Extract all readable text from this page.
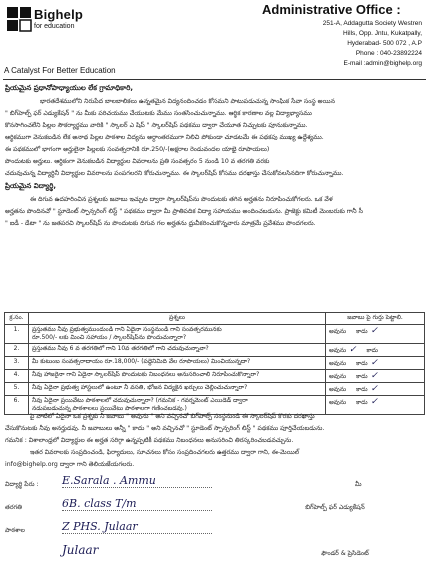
Bighelp
for education
A Catalyst For Better Education
Administrative Office :
251-A, Addagutta Society Westren
Hills, Opp. Jntu, Kukatpally,
Hyderabad- 500 072 , A.P
Phone : 040-23892224
E-mail :admin@bighelp.org
ప్రియమైన ప్రధానోపాధ్యాయుల లేక గ్రామాధికారి,
భారతదేశములోని నిరుపేద బాలబాలికలు ఉన్నతమైన విద్యనందించడం కోసమని పాటుపడుచున్న సాంఘిక సేవా సంస్థ అయిన
" బిగ్‌హెల్ప్ ఫర్ ఎడ్యుకేషన్ " ను మీకు పరిచయము చేయుటకు మేము సంతసించుచున్నాము. ఆర్థిక కారణాల వల్ల విద్యాభ్యాసము
కొనసాగించలేని పిల్లల సౌకర్యార్థము వారికి " స్కాలర్ ఎ షిప్ " స్కాలర్‌షిప్ పథకము ద్వారా చేయూత నిచ్చుటకు పూనుకున్నాము.
ఆర్థికముగా వెనుకబడిన లేక అనాథ పిల్లల పాఠశాల విద్యను అర్ధాంతరముగా నిలిచి పోకుండా చూడటమే ఈ పథకపు ముఖ్య ఉద్దేశ్యము.
ఈ పథకములో భాగంగా అర్హులైనా పిల్లలకు సంవత్సరానికి రూ.250/-(అక్షరాల రెండువందల యాభై రూపాయలు)
పొందుటకు అర్హులు. ఆర్థికంగా వెనుకబడిన విద్యార్థుల వివరాలను ప్రతి సంవత్సరం 5 నుండి 10 వ తరగతి వరకు
చదువుచున్న విద్యార్థినీ విద్యార్థుల వివరాలను పంపగలరని కోరుచున్నాము. ఈ స్కాలర్‌షిప్ కోసము దరఖాస్తు చేసుకోవలసినదిగా కోరుచున్నాము.
ప్రియమైన విద్యార్థి,
ఈ దిగువ ఉదహరించిన ప్రశ్నలకు జవాబు ఇచ్చుట ద్వారా స్కాలర్‌షిప్‌ను పొందుటకు తగిన అర్హతను నిరూపించుకోగలరు. ఒక వేళ
అర్హతను పొందినచో " స్టూడెంట్ స్పాన్సరింగ్ లిస్ట్ " పథకము ద్వారా మీ ప్రాతిపదిక విద్యా సహాయము అందించబడును. ప్రాజెక్టు కమిటీ మెంబరుకు గానీ సీ
" ఐడీ - డేటా " ను జతపరచి స్కాలర్‌షిప్ ను పొందుటకు దిగువ గల అర్హతను ధ్రువీకరించుకొన్నవారు మాత్రమే ప్రవేశము పొందగలరు.
క్ర.సం.	ప్రశ్నలు	జవాబు పై గుర్తు పెట్టాలి.
1.	ప్రస్తుతము నీవు ప్రభుత్వముందుండి గాని ఏదైనా సంస్థనుండి గాని సంవత్సరమునకు
రూ.500/- లకు మించి సహాయం / స్కాలర్‌షిప్‌ను పొందుచున్నారా?	అవును కాదు ✓
2.	ప్రస్తుతము నీవు 6 వ తరగతిలో గాని 10వ తరగతిలో గాని చదువుచున్నావా?	అవును ✓ కాదు
3.	మీ కుటుంబ సంవత్సరాదాయం రూ.18,000/- (పద్దెనిమిది వేల రూపాయలు) మించియున్నదా?	అవును కాదు ✓
4.	నీవు హాజరైనా గాని ఏదైనా స్కాలర్‌షిప్ పొందుటకు నిబంధనలు అనుసరించాలి నిరూపించుకొన్నారా?	అవును కాదు ✓
5.	నీవు ఏదైనా ప్రభుత్వ హాస్టలులో ఉంటూ నీ వసతి, భోజన విద్యకైన ఖర్చులు చెల్లించుచున్నారా?	అవును కాదు ✓
6.	నీవు ఏదైనా ప్రయివేటు పాఠశాలలో చదువుచున్నారా? (గమనిక - గవర్నమెంట్ ఎయిడెడ్ ద్వారా
నడుపబడుచున్న పాఠశాలలు ప్రయివేటు పాఠశాలగా గణించబడవు.)	అవును కాదు ✓
పై వాటిలో ఏదైనా ఒక ప్రశ్నకు నీ జవాబు " అవును " అని వచ్చినచో బిగ్‌హెల్ప్ సంస్థనుండి ఈ స్కాలర్‌షిప్ కొరకు దరఖాస్తు
చేసుకొనుటకు నీవు అనర్హుడవు. నీ జవాబులు అన్నీ " కాదు " అని వచ్చినచో " స్టూడెంట్ స్పాన్సరింగ్ లిస్ట్ " పథకము పూర్తిచేయబడును.
గమనిక : విశాలాంధ్రలో విద్యార్థుల ఈ అర్హత సరిగ్గా ఉన్నప్పటికీ పథకము నిబంధనలు అనుసరించి తిరస్కరించబడవచ్చును.
ఇతర వివరాలకు సంప్రదించండి, ఫిర్యాదులు, సూచనలు కోసం సంప్రదించగలరు ఉత్తరము ద్వారా గాని, ఈ-మెయిల్
info@bighelp.org ద్వారా గాని తెలియజేయగలరు.
విద్యార్థి పేరు :	E.Sarala . Ammu
తరగతి	6B. class T/m
పాఠశాల	Z PHS. Julaar
Julaar
మీ
బిగ్‌హెల్ప్ ఫర్ ఎడ్యుకేషన్
ఫౌండర్ & ప్రెసిడెంట్
